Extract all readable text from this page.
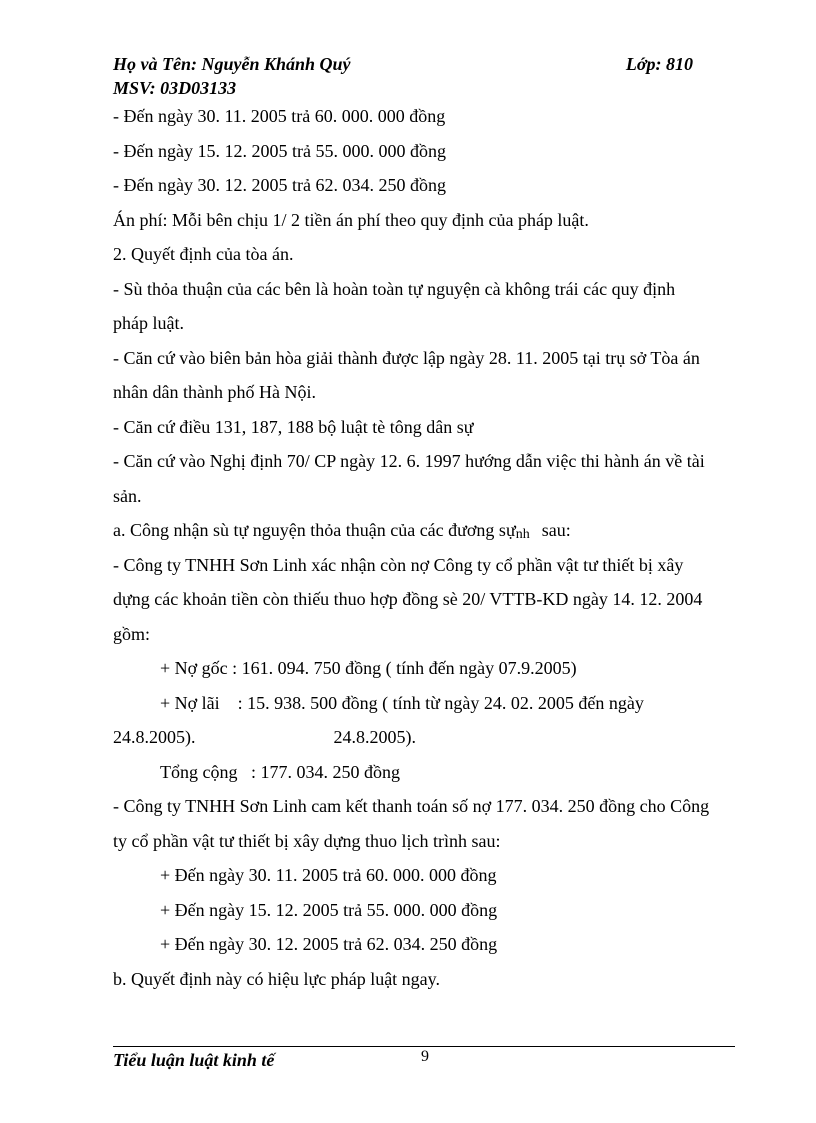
Họ và Tên: Nguyễn Khánh Quý	Lớp: 810
MSV: 03D03133
- Đến ngày 30. 11. 2005 trả 60. 000. 000 đồng
- Đến ngày 15. 12. 2005 trả 55. 000. 000 đồng
- Đến ngày 30. 12. 2005 trả 62. 034. 250 đồng
Án phí: Mỗi bên chịu 1/ 2 tiền án phí theo quy định của pháp luật.
2. Quyết định của tòa án.
- Sù thỏa thuận của các bên là hoàn toàn tự nguyện cà không trái các quy định
pháp luật.
- Căn cứ vào biên bản hòa giải thành được lập ngày 28. 11. 2005 tại trụ sở Tòa án
nhân dân thành phố Hà Nội.
- Căn cứ điều 131, 187, 188 bộ luật tè tông dân sự
- Căn cứ vào Nghị định 70/ CP ngày 12. 6. 1997 hướng dẫn việc thi hành án về tài
sản.
a. Công nhận sù tự nguyện thỏa thuận của các đương sựnh sau:
- Công ty TNHH Sơn Linh xác nhận còn nợ Công ty cổ phần vật tư thiết bị xây
dựng các khoản tiền còn thiếu thuo hợp đồng sè 20/ VTTB-KD ngày 14. 12. 2004
gồm:
+ Nợ gốc : 161. 094. 750 đồng ( tính đến ngày 07.9.2005)
+ Nợ lãi    : 15. 938. 500 đồng ( tính từ ngày 24. 02. 2005 đến ngày
24.8.2005).	24.8.2005).
Tổng cộng   : 177. 034. 250 đồng
- Công ty TNHH Sơn Linh cam kết thanh toán số nợ 177. 034. 250 đồng cho Công
ty cổ phần vật tư thiết bị xây dựng thuo lịch trình sau:
+ Đến ngày 30. 11. 2005 trả 60. 000. 000 đồng
+ Đến ngày 15. 12. 2005 trả 55. 000. 000 đồng
+ Đến ngày 30. 12. 2005 trả 62. 034. 250 đồng
b. Quyết định này có hiệu lực pháp luật ngay.
Tiểu luận luật kinh tế	9
